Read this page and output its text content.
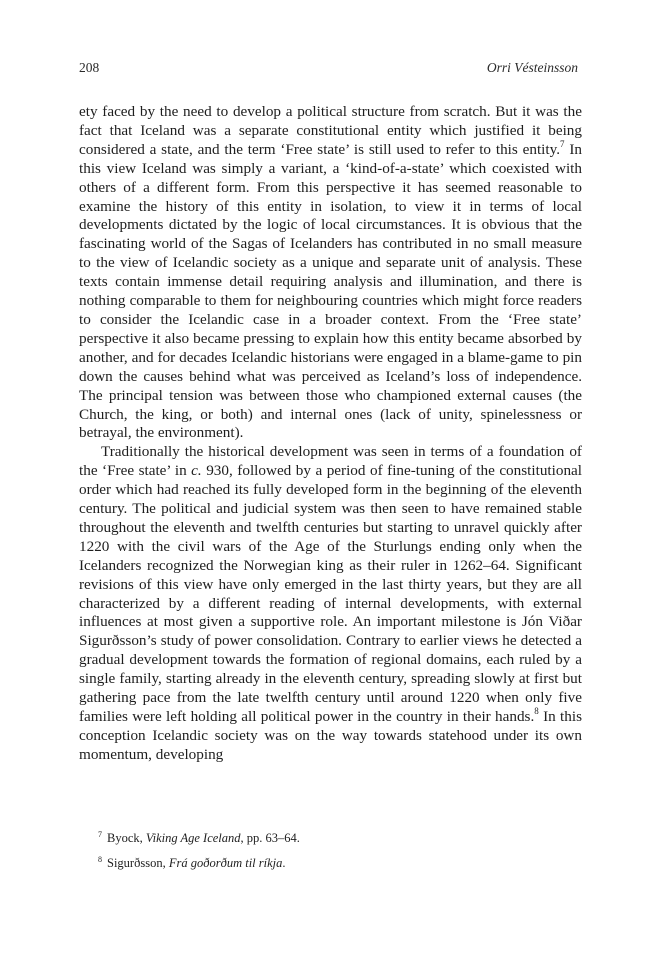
208	Orri Vésteinsson

ety faced by the need to develop a political structure from scratch. But it was the fact that Iceland was a separate constitutional entity which justified it being considered a state, and the term ‘Free state’ is still used to refer to this entity.$^7$ In this view Iceland was simply a variant, a ‘kind-of-a-state’ which coexisted with others of a different form. From this perspective it has seemed reasonable to examine the history of this entity in isolation, to view it in terms of local developments dictated by the logic of local circumstances. It is obvious that the fascinating world of the Sagas of Icelanders has contributed in no small measure to the view of Icelandic society as a unique and separate unit of analysis. These texts contain immense detail requiring analysis and illumination, and there is nothing comparable to them for neighbouring countries which might force readers to consider the Icelandic case in a broader context. From the ‘Free state’ perspective it also became pressing to explain how this entity became absorbed by another, and for decades Icelandic historians were engaged in a blame-game to pin down the causes behind what was perceived as Iceland’s loss of independence. The principal tension was between those who championed external causes (the Church, the king, or both) and internal ones (lack of unity, spinelessness or betrayal, the environment).

Traditionally the historical development was seen in terms of a foundation of the ‘Free state’ in c. 930, followed by a period of fine-tuning of the constitutional order which had reached its fully developed form in the beginning of the eleventh century. The political and judicial system was then seen to have remained stable throughout the eleventh and twelfth centuries but starting to unravel quickly after 1220 with the civil wars of the Age of the Sturlungs ending only when the Icelanders recognized the Norwegian king as their ruler in 1262–64. Significant revisions of this view have only emerged in the last thirty years, but they are all characterized by a different reading of internal developments, with external influences at most given a supportive role. An important milestone is Jón Viðar Sigurðsson’s study of power consolidation. Contrary to earlier views he detected a gradual development towards the formation of regional domains, each ruled by a single family, starting already in the eleventh century, spreading slowly at first but gathering pace from the late twelfth century until around 1220 when only five families were left holding all political power in the country in their hands.$^8$ In this conception Icelandic society was on the way towards statehood under its own momentum, developing

$^7$ Byock, Viking Age Iceland, pp. 63–64.

$^8$ Sigurðsson, Frá goðorðum til ríkja.
